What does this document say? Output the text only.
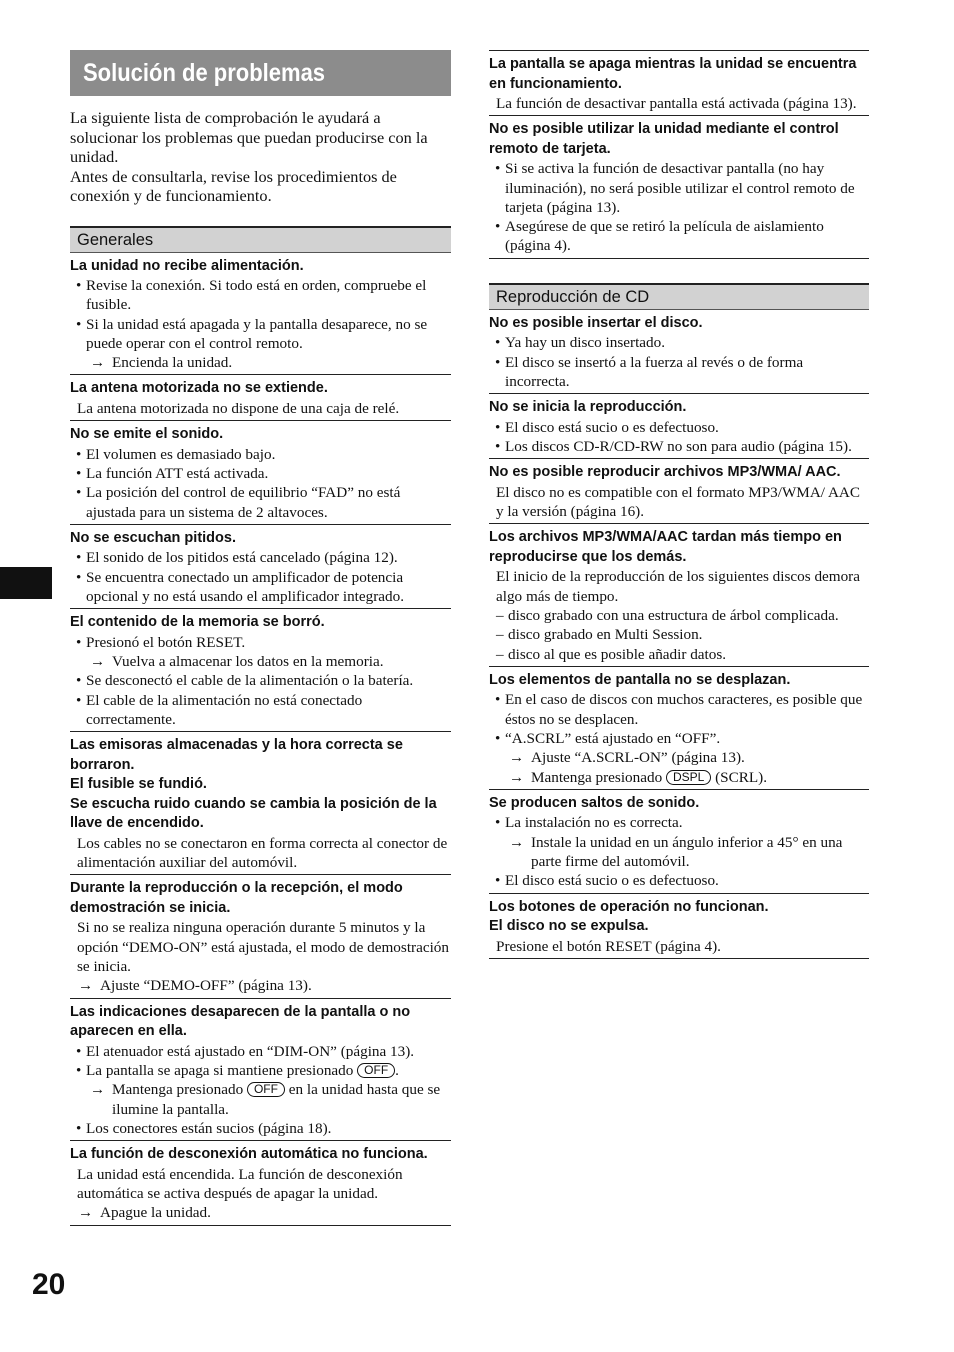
20
Solución de problemas

La siguiente lista de comprobación le ayudará a solucionar los problemas que puedan producirse con la unidad.

Antes de consultarla, revise los procedimientos de conexión y de funcionamiento.

Generales

La unidad no recibe alimentación.

• Revise la conexión. Si todo está en orden, compruebe el fusible.
• Si la unidad está apagada y la pantalla desaparece, no se puede operar con el control remoto.
→ Encienda la unidad.

La antena motorizada no se extiende.

La antena motorizada no dispone de una caja de relé.

No se emite el sonido.

• El volumen es demasiado bajo.
• La función ATT está activada.
• La posición del control de equilibrio “FAD” no está ajustada para un sistema de 2 altavoces.

No se escuchan pitidos.

• El sonido de los pitidos está cancelado (página 12).
• Se encuentra conectado un amplificador de potencia opcional y no está usando el amplificador integrado.

El contenido de la memoria se borró.

• Presionó el botón RESET.
→ Vuelva a almacenar los datos en la memoria.
• Se desconectó el cable de la alimentación o la batería.
• El cable de la alimentación no está conectado correctamente.

Las emisoras almacenadas y la hora correcta se borraron.

El fusible se fundió.

Se escucha ruido cuando se cambia la posición de la llave de encendido.

Los cables no se conectaron en forma correcta al conector de alimentación auxiliar del automóvil.

Durante la reproducción o la recepción, el modo demostración se inicia.

Si no se realiza ninguna operación durante 5 minutos y la opción “DEMO-ON” está ajustada, el modo de demostración se inicia.

→ Ajuste “DEMO-OFF” (página 13).

Las indicaciones desaparecen de la pantalla o no aparecen en ella.

• El atenuador está ajustado en “DIM-ON” (página 13).
• La pantalla se apaga si mantiene presionado OFF .
→ Mantenga presionado OFF en la unidad hasta que se ilumine la pantalla.
• Los conectores están sucios (página 18).

La función de desconexión automática no funciona.

La unidad está encendida. La función de desconexión automática se activa después de apagar la unidad.

→ Apague la unidad.

La pantalla se apaga mientras la unidad se encuentra en funcionamiento.

La función de desactivar pantalla está activada (página 13).

No es posible utilizar la unidad mediante el control remoto de tarjeta.

• Si se activa la función de desactivar pantalla (no hay iluminación), no será posible utilizar el control remoto de tarjeta (página 13).
• Asegúrese de que se retiró la película de aislamiento (página 4).
Reproducción de CD

No es posible insertar el disco.

• Ya hay un disco insertado.
• El disco se insertó a la fuerza al revés o de forma incorrecta.

No se inicia la reproducción.

• El disco está sucio o es defectuoso.
• Los discos CD-R/CD-RW no son para audio (página 15).

No es posible reproducir archivos MP3/WMA/ AAC.

El disco no es compatible con el formato MP3/WMA/ AAC y la versión (página 16).

Los archivos MP3/WMA/AAC tardan más tiempo en reproducirse que los demás.

El inicio de la reproducción de los siguientes discos demora algo más de tiempo.

– disco grabado con una estructura de árbol complicada.
– disco grabado en Multi Session.
– disco al que es posible añadir datos.

Los elementos de pantalla no se desplazan.

• En el caso de discos con muchos caracteres, es posible que éstos no se desplacen.
• “A.SCRL” está ajustado en “OFF”.
→ Ajuste “A.SCRL-ON” (página 13).
→ Mantenga presionado DSPL (SCRL).

Se producen saltos de sonido.

• La instalación no es correcta.
→ Instale la unidad en un ángulo inferior a 45° en una parte firme del automóvil.
• El disco está sucio o es defectuoso.

Los botones de operación no funcionan.

El disco no se expulsa.

Presione el botón RESET (página 4).
